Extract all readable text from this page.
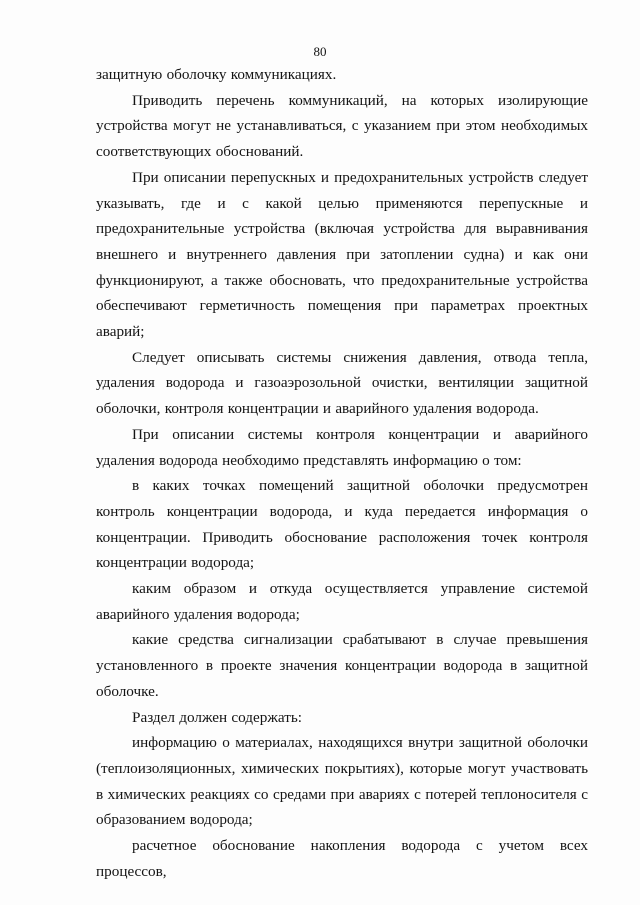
80

защитную оболочку коммуникациях.

Приводить перечень коммуникаций, на которых изолирующие устройства могут не устанавливаться, с указанием при этом необходимых соответствующих обоснований.

При описании перепускных и предохранительных устройств следует указывать, где и с какой целью применяются перепускные и предохранительные устройства (включая устройства для выравнивания внешнего и внутреннего давления при затоплении судна) и как они функционируют, а также обосновать, что предохранительные устройства обеспечивают герметичность помещения при параметрах проектных аварий;

Следует описывать системы снижения давления, отвода тепла, удаления водорода и газоаэрозольной очистки, вентиляции защитной оболочки, контроля концентрации и аварийного удаления водорода.

При описании системы контроля концентрации и аварийного удаления водорода необходимо представлять информацию о том:

в каких точках помещений защитной оболочки предусмотрен контроль концентрации водорода, и куда передается информация о концентрации. Приводить обоснование расположения точек контроля концентрации водорода;

каким образом и откуда осуществляется управление системой аварийного удаления водорода;

какие средства сигнализации срабатывают в случае превышения установленного в проекте значения концентрации водорода в защитной оболочке.

Раздел должен содержать:

информацию о материалах, находящихся внутри защитной оболочки (теплоизоляционных, химических покрытиях), которые могут участвовать в химических реакциях со средами при авариях с потерей теплоносителя с образованием водорода;

расчетное обоснование накопления водорода с учетом всех процессов,
